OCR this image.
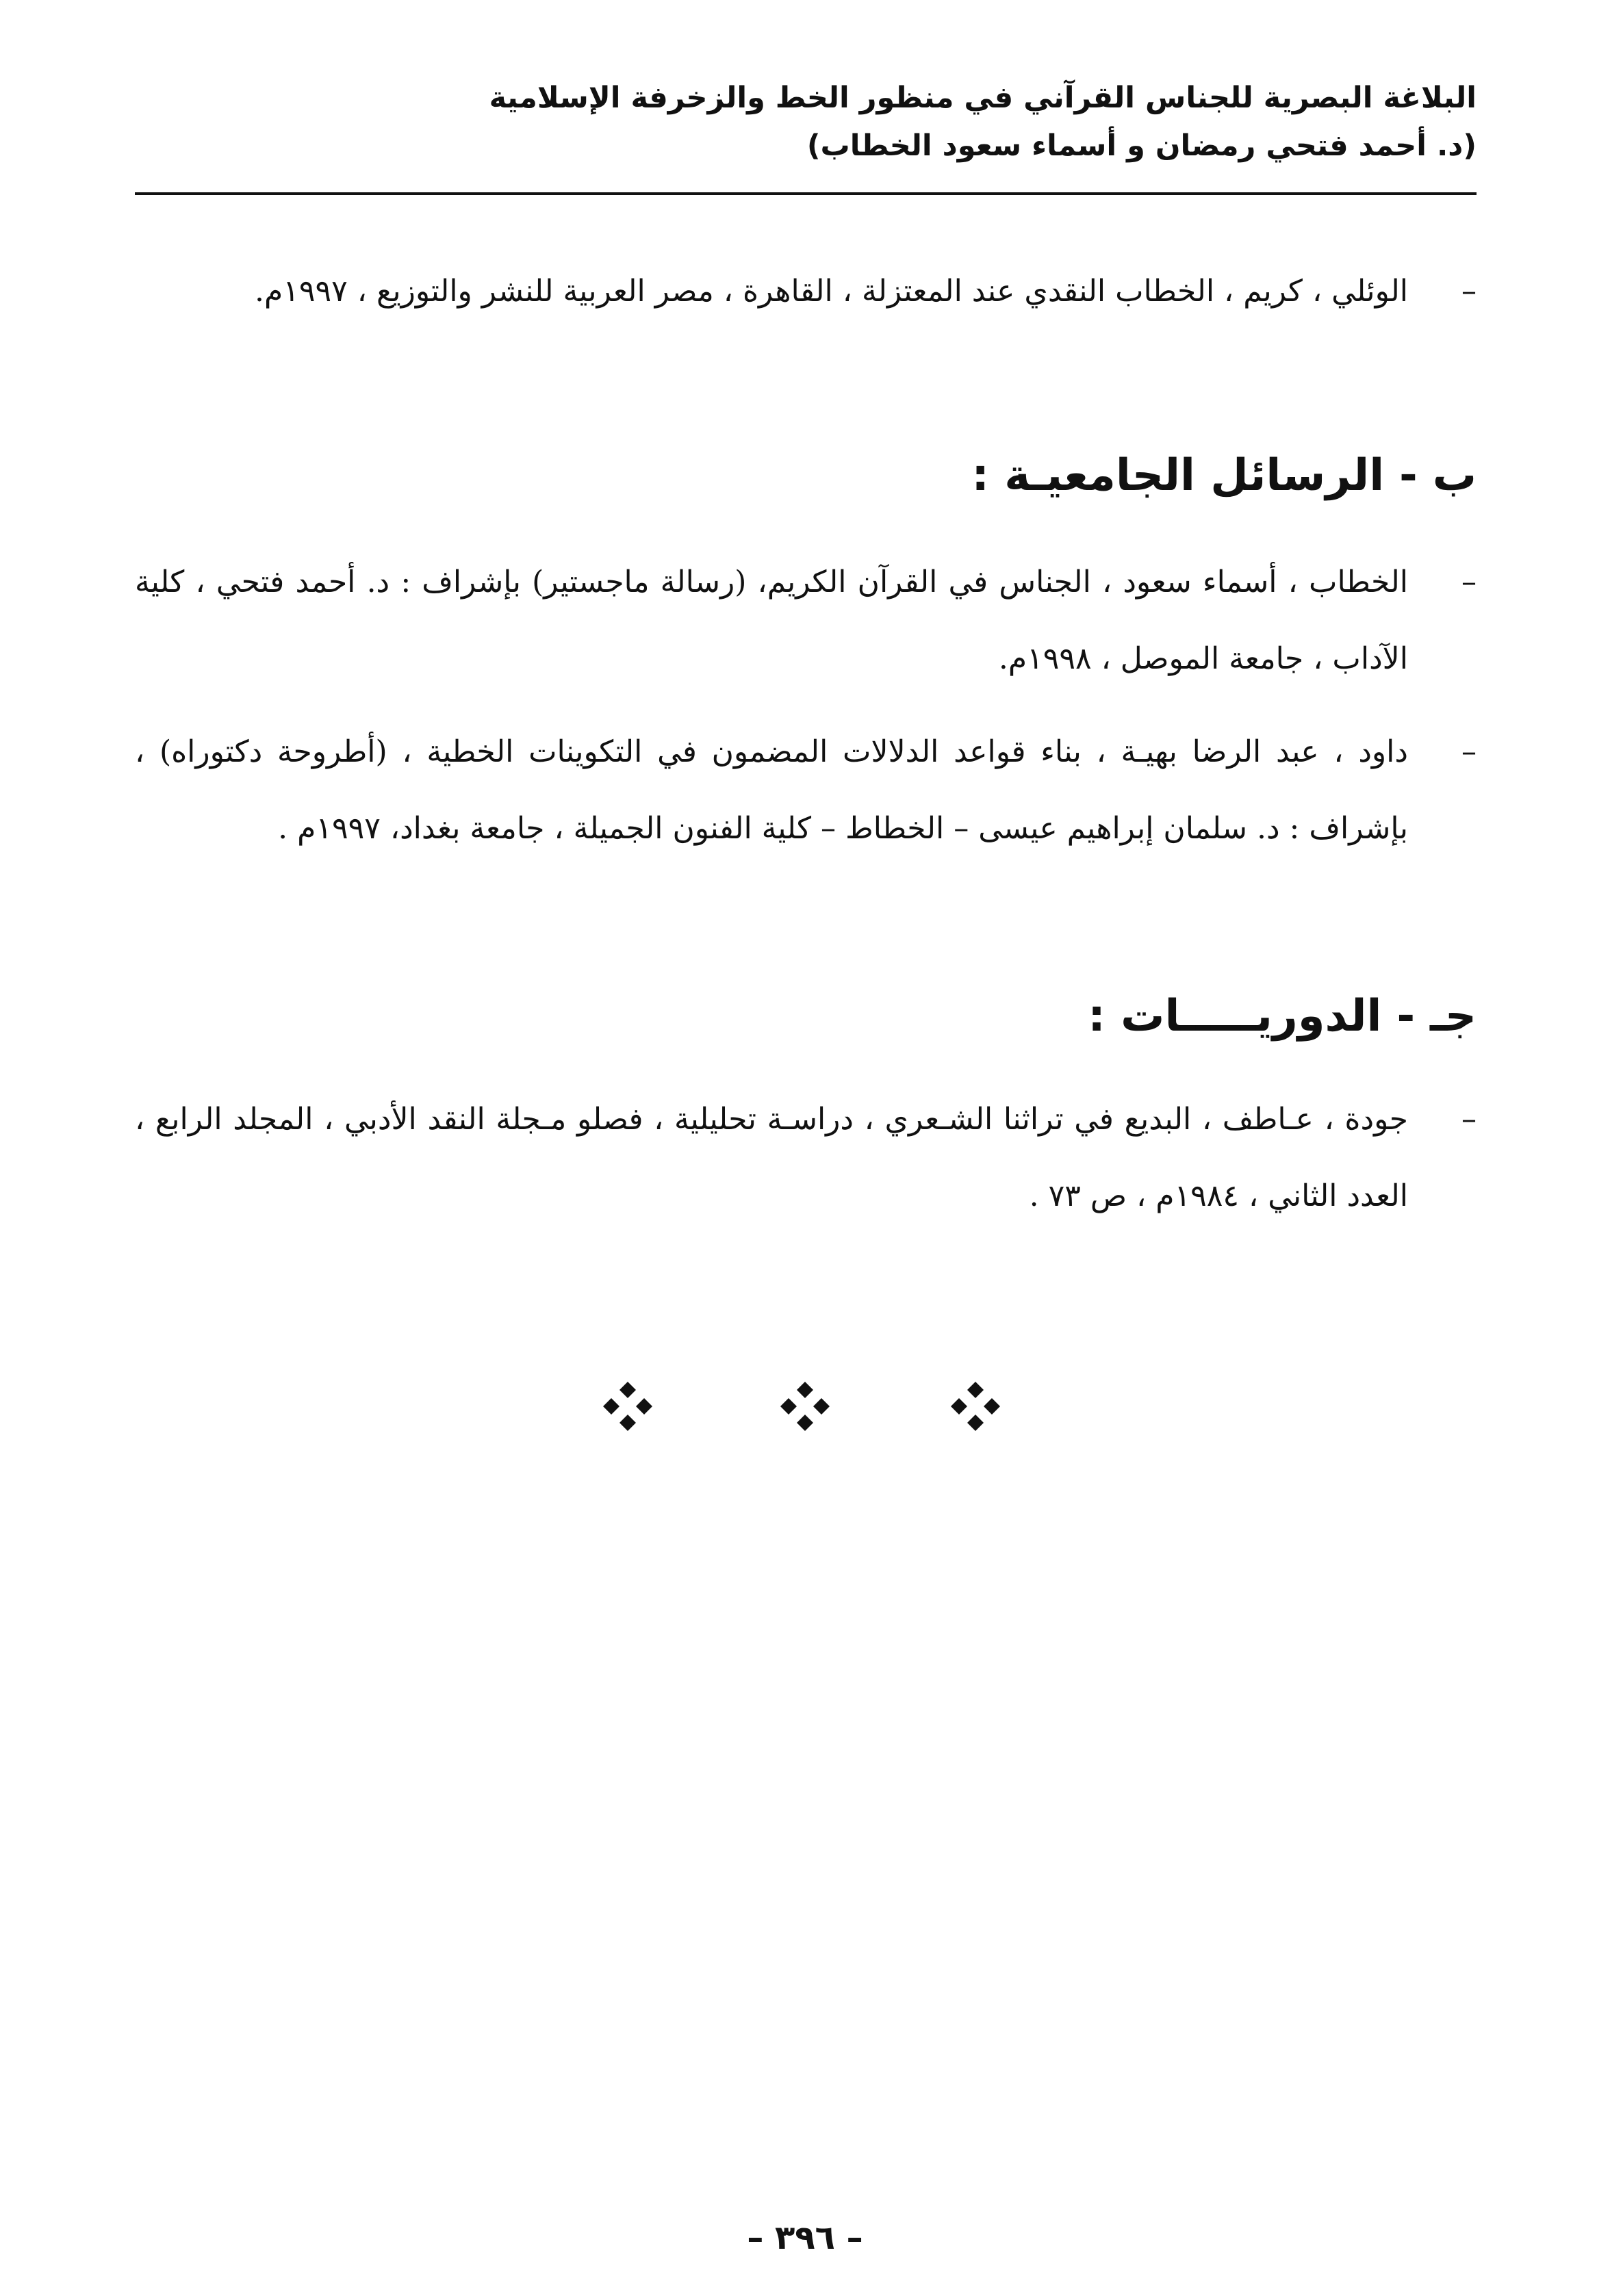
البلاغة البصرية للجناس القرآني في منظور الخط والزخرفة الإسلامية
(د. أحمد فتحي رمضان و أسماء سعود الخطاب)
–
الوئلي ، كريم ، الخطاب النقدي عند المعتزلة ، القاهرة ، مصر العربية للنشر والتوزيع ، ١٩٩٧م.
ب-الرسائل الجامعيـة :
–
الخطاب ، أسماء سعود ، الجناس في القرآن الكريم، (رسالة ماجستير) بإشراف : د. أحمد فتحي ، كلية الآداب ، جامعة الموصل ، ١٩٩٨م.
–
داود ، عبد الرضا بهيـة ، بناء قواعد الدلالات المضمون في التكوينات الخطية ، (أطروحة دكتوراه) ، بإشراف : د. سلمان إبراهيم عيسى – الخطاط – كلية الفنون الجميلة ، جامعة بغداد، ١٩٩٧م .
جـ-الدوريـــــات :
–
جودة ، عـاطف ، البديع في تراثنا الشـعري ، دراسـة تحليلية ، فصلو مـجلة النقد الأدبي ، المجلد الرابع ، العدد الثاني ، ١٩٨٤م ، ص ٧٣ .
– ٣٩٦ –
